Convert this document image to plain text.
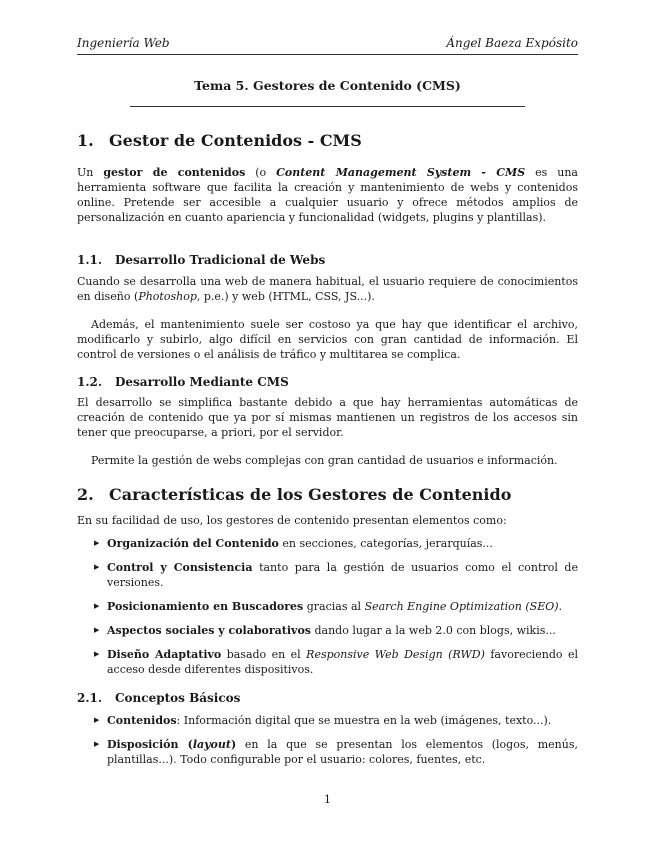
Ingeniería Web	Ángel Baeza Expósito
Tema 5. Gestores de Contenido (CMS)
1. Gestor de Contenidos - CMS

Un gestor de contenidos (o Content Management System - CMS es una herramienta software que facilita la creación y mantenimiento de webs y contenidos online. Pretende ser accesible a cualquier usuario y ofrece métodos amplios de personalización en cuanto apariencia y funcionalidad (widgets, plugins y plantillas).

1.1. Desarrollo Tradicional de Webs

Cuando se desarrolla una web de manera habitual, el usuario requiere de conocimientos en diseño (Photoshop, p.e.) y web (HTML, CSS, JS...).

Además, el mantenimiento suele ser costoso ya que hay que identificar el archivo, modificarlo y subirlo, algo difícil en servicios con gran cantidad de información. El control de versiones o el análisis de tráfico y multitarea se complica.

1.2. Desarrollo Mediante CMS

El desarrollo se simplifica bastante debido a que hay herramientas automáticas de creación de contenido que ya por sí mismas mantienen un registros de los accesos sin tener que preocuparse, a priori, por el servidor.

Permite la gestión de webs complejas con gran cantidad de usuarios e información.

2. Características de los Gestores de Contenido

En su facilidad de uso, los gestores de contenido presentan elementos como:

▶ Organización del Contenido en secciones, categorías, jerarquías...
▶ Control y Consistencia tanto para la gestión de usuarios como el control de versiones.
▶ Posicionamiento en Buscadores gracias al Search Engine Optimization (SEO).
▶ Aspectos sociales y colaborativos dando lugar a la web 2.0 con blogs, wikis...
▶ Diseño Adaptativo basado en el Responsive Web Design (RWD) favoreciendo el acceso desde diferentes dispositivos.
2.1. Conceptos Básicos
▶ Contenidos: Información digital que se muestra en la web (imágenes, texto...).
▶ Disposición (layout) en la que se presentan los elementos (logos, menús, plantillas...). Todo configurable por el usuario: colores, fuentes, etc.
1
